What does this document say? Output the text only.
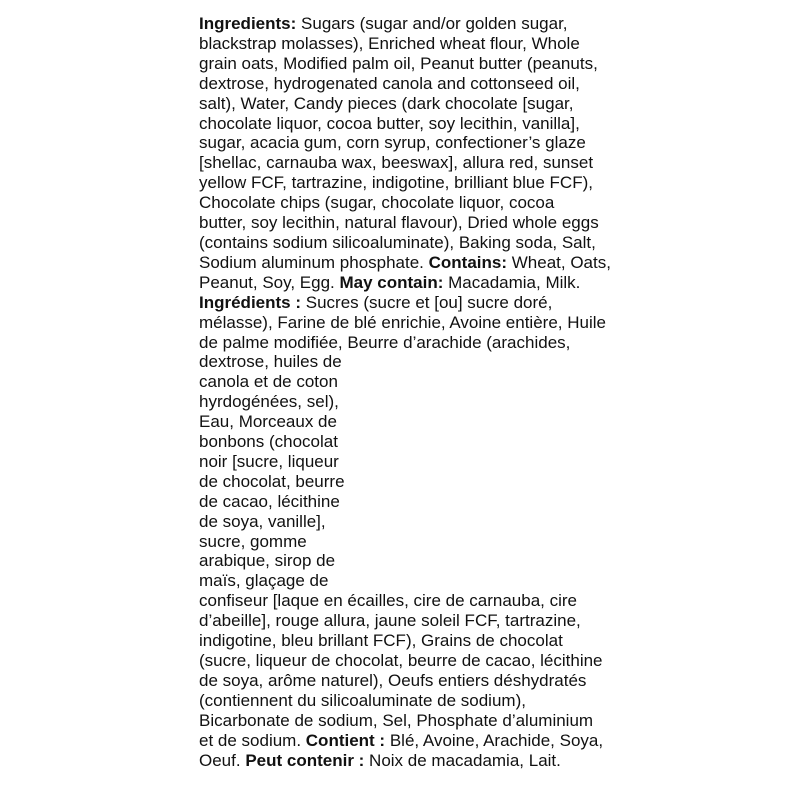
Ingredients: Sugars (sugar and/or golden sugar,
blackstrap molasses), Enriched wheat flour, Whole
grain oats, Modified palm oil, Peanut butter (peanuts,
dextrose, hydrogenated canola and cottonseed oil,
salt), Water, Candy pieces (dark chocolate [sugar,
chocolate liquor, cocoa butter, soy lecithin, vanilla],
sugar, acacia gum, corn syrup, confectioner’s glaze
[shellac, carnauba wax, beeswax], allura red, sunset
yellow FCF, tartrazine, indigotine, brilliant blue FCF),
Chocolate chips (sugar, chocolate liquor, cocoa
butter, soy lecithin, natural flavour), Dried whole eggs
(contains sodium silicoaluminate), Baking soda, Salt,
Sodium aluminum phosphate. Contains: Wheat, Oats,
Peanut, Soy, Egg. May contain: Macadamia, Milk.
Ingrédients : Sucres (sucre et [ou] sucre doré,
mélasse), Farine de blé enrichie, Avoine entière, Huile
de palme modifiée, Beurre d’arachide (arachides,
dextrose, huiles de
canola et de coton
hyrdogénées, sel),
Eau, Morceaux de
bonbons (chocolat
noir [sucre, liqueur
de chocolat, beurre
de cacao, lécithine
de soya, vanille],
sucre, gomme
arabique, sirop de
maïs, glaçage de
confiseur [laque en écailles, cire de carnauba, cire
d’abeille], rouge allura, jaune soleil FCF, tartrazine,
indigotine, bleu brillant FCF), Grains de chocolat
(sucre, liqueur de chocolat, beurre de cacao, lécithine
de soya, arôme naturel), Oeufs entiers déshydratés
(contiennent du silicoaluminate de sodium),
Bicarbonate de sodium, Sel, Phosphate d’aluminium
et de sodium. Contient : Blé, Avoine, Arachide, Soya,
Oeuf. Peut contenir : Noix de macadamia, Lait.
